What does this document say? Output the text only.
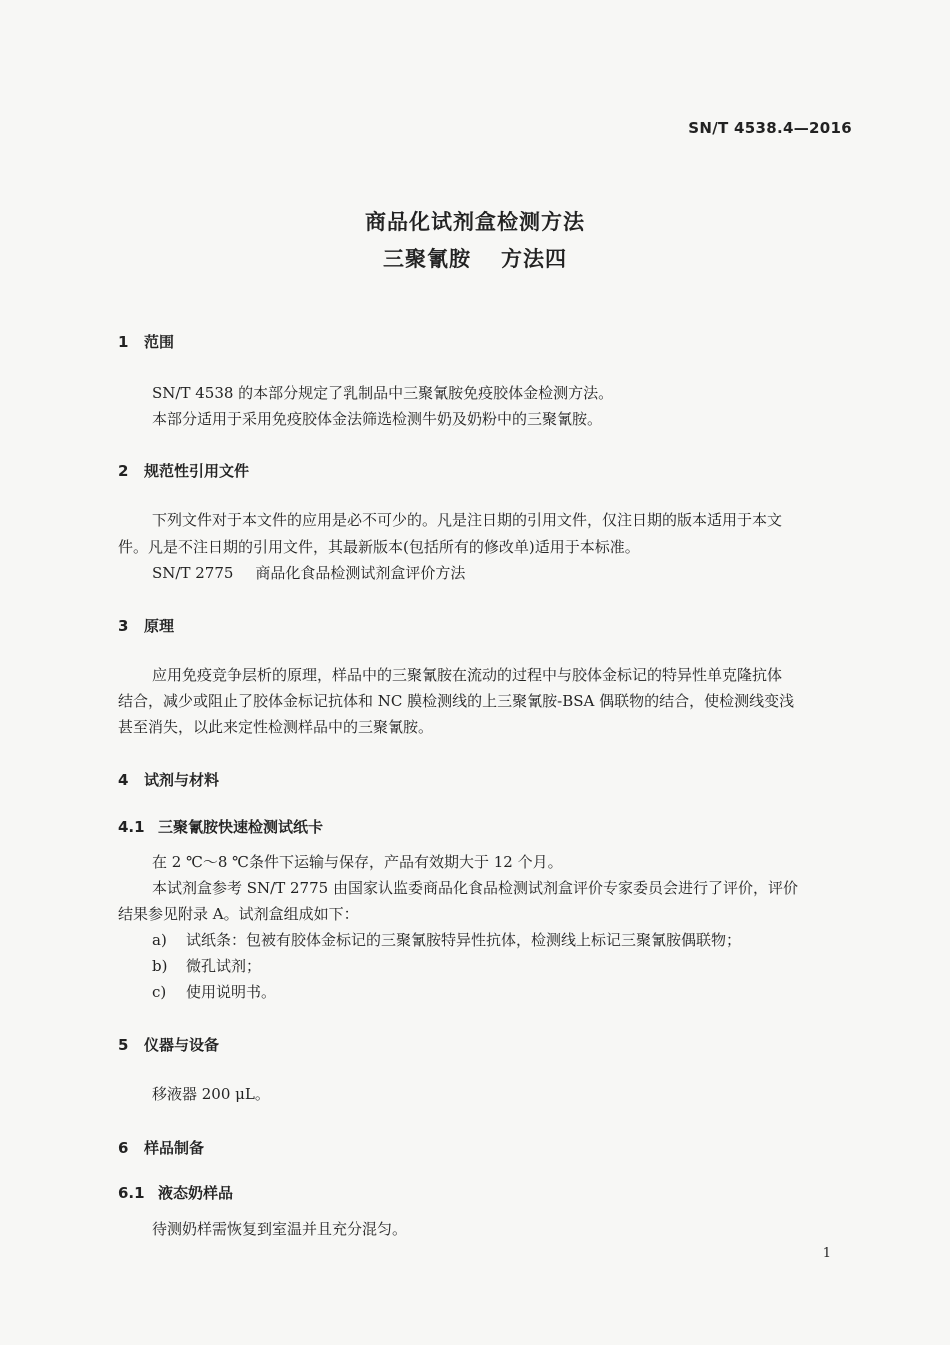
SN/T 4538.4—2016
商品化试剂盒检测方法
三聚氰胺 方法四
1 范围
SN/T 4538 的本部分规定了乳制品中三聚氰胺免疫胶体金检测方法。
本部分适用于采用免疫胶体金法筛选检测牛奶及奶粉中的三聚氰胺。
2 规范性引用文件
下列文件对于本文件的应用是必不可少的。凡是注日期的引用文件，仅注日期的版本适用于本文
件。凡是不注日期的引用文件，其最新版本(包括所有的修改单)适用于本标准。
SN/T 2775 商品化食品检测试剂盒评价方法
3 原理
应用免疫竞争层析的原理，样品中的三聚氰胺在流动的过程中与胶体金标记的特异性单克隆抗体
结合，减少或阻止了胶体金标记抗体和 NC 膜检测线的上三聚氰胺-BSA 偶联物的结合，使检测线变浅
甚至消失，以此来定性检测样品中的三聚氰胺。
4 试剂与材料
4.1 三聚氰胺快速检测试纸卡
在 2 ℃～8 ℃条件下运输与保存，产品有效期大于 12 个月。
本试剂盒参考 SN/T 2775 由国家认监委商品化食品检测试剂盒评价专家委员会进行了评价，评价
结果参见附录 A。试剂盒组成如下：
a) 试纸条：包被有胶体金标记的三聚氰胺特异性抗体，检测线上标记三聚氰胺偶联物；
b) 微孔试剂；
c) 使用说明书。
5 仪器与设备
移液器 200 μL。
6 样品制备
6.1 液态奶样品
待测奶样需恢复到室温并且充分混匀。
1
